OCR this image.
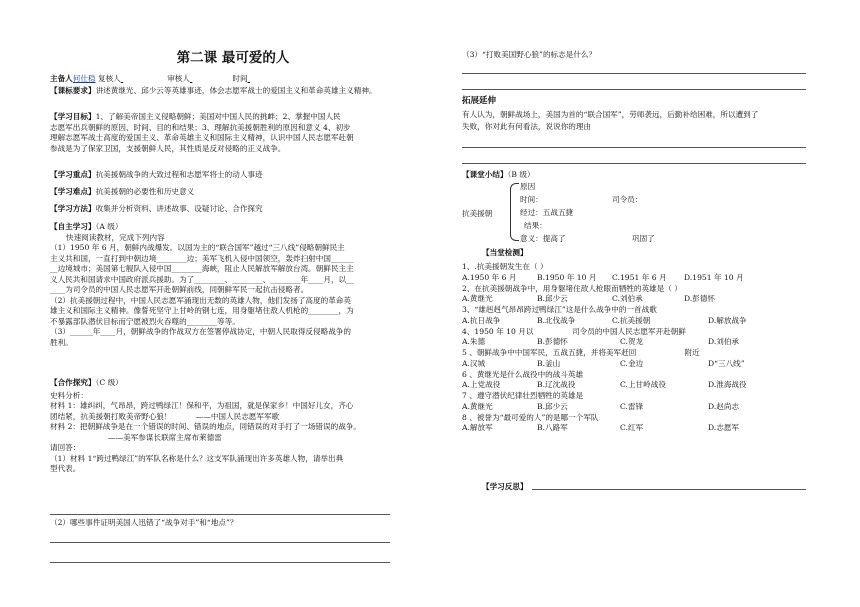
第二课 最可爱的人
主备人何仕稳 复核人	审核人	时间
【课标要求】讲述黄继光、邱少云等英雄事迹，体会志愿军战士的爱国主义和革命英雄主义精神。
【学习目标】1、了解美帝国主义侵略朝鲜；美国对中国人民的挑衅；2、掌握中国人民
志愿军出兵朝鲜的原因、时间、目的和结果；3、理解抗美援朝胜利的原因和意义 4、初步
理解志愿军战士高度的爱国主义、革命英雄主义和国际主义精神，认识中国人民志愿军赴朝
参战是为了保家卫国，支援朝鲜人民，其性质是反对侵略的正义战争。
【学习重点】抗美援朝战争的大致过程和志愿军将士的动人事迹
【学习难点】抗美援朝的必要性和历史意义
【学习方法】收集并分析资料、讲述故事、设疑讨论、合作探究
【自主学习】（A 级）
快速阅读教材，完成下列内容
（1）1950 年 6 月，朝鲜内战爆发。以国为主的“联合国军”越过“三八线”侵略朝鲜民主
主义共和国，一直打到中朝边境________边；美军飞机入侵中国领空，轰炸扫射中国______
__边境城市；美国第七舰队入侵中国________海峡，阻止人民解放军解放台湾。朝鲜民主主
义人民共和国请求中国政府派兵援助。为了________、________、________年____月，以__
____为司令员的中国人民志愿军开赴朝鲜前线，同朝鲜军民一起抗击侵略者。
（2）抗美援朝过程中，中国人民志愿军涌现出无数的英雄人物，他们发扬了高度的革命英
雄主义和国际主义精神。像誓死坚守上甘岭的钢七连，用身躯堵住敌人机枪的________，为
不暴露部队潜伏目标而宁愿被烈火吞噬的________等等。
（3）______年____月，朝鲜战争的作战双方在签署停战协定，中朝人民取得反侵略战争的
胜利。
【合作探究】（C 级）
史料分析：
材料 1：雄纠纠，气昂昂，跨过鸭绿江！保和平，为祖国，就是保家乡！中国好儿女，齐心
团结紧，抗美援朝打败美帝野心狼！          ——中国人民志愿军军歌
材料 2：把朝鲜战争是在一个错误的时间、错误的地点，同错误的对手打了一场错误的战争。
——美军参谋长联席主席布莱德雷
请回答：
（1）材料 1“跨过鸭绿江”的军队名称是什么？这支军队涌现出许多英雄人物，请举出典
型代表。
（2）哪些事件证明美国人迅错了“战争对手”和“地点”？
（3）“打败美国野心狼”的标志是什么？
拓展延伸
有人认为，朝鲜战场上，美国为首的“联合国军”，劳师袭远，后勤补给困难，所以遭到了
失败，你对此有何看法，说说你的理由
【课堂小结】（B 级）
抗美援朝
原因
时间：	司令员：
经过：五战五捷
结果：
意义：提高了	巩固了
【当堂检测】
1、.抗美援朝发生在（ ）
A.1950 年 6 月	B.1950 年 10 月 C.1951 年 6 月 D.1951 年 10 月
2、在抗美援朝战争中，用身躯堵住敌人枪眼而牺牲的英雄是（ ）
A.黄继光	B.邱少云	C.刘伯承	D.彭德怀
3、“雄赳赳气昂昂跨过鸭绿江”这是什么战争中的一首战歌
A.抗日战争	B.北伐战争	C.抗美援朝	D.解放战争
4、1950 年 10 月以                司令员的中国人民志愿军开赴朝鲜
A.朱德	B.彭德怀	C.贺龙	D.刘伯承
5 、朝鲜战争中中国军民，五战五捷，并将美军赶回                    附近
A.汉城	B.釜山	C.金边	D“三八线”
6 、黄继光是什么战役中的战斗英雄
A.上党战役	B.辽沈战役	C.上甘岭战役	D.淮海战役
7 、遵守潜伏纪律壮烈牺牲的英雄是
A.黄继光	B.邱少云	C.雷锋	D.赵尚志
8 、被誉为“最可爱的人”的是哪一个军队
A.解放军	B.八路军	C.红军	D.志愿军
【学习反思】
